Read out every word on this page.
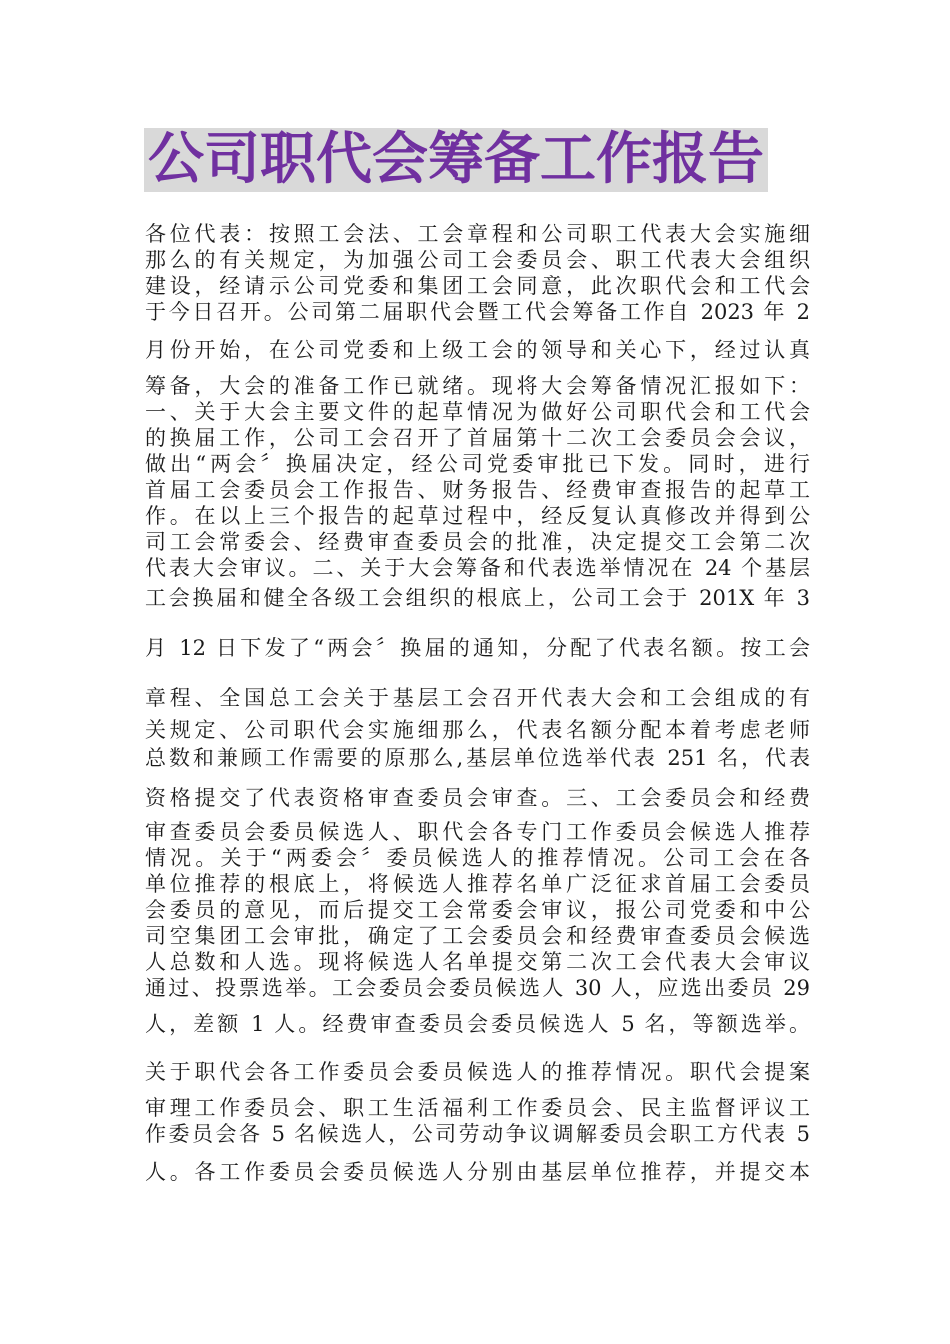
公司职代会筹备工作报告

各位代表：按照工会法、工会章程和公司职工代表大会实施细

那么的有关规定，为加强公司工会委员会、职工代表大会组织

建设，经请示公司党委和集团工会同意，此次职代会和工代会

于今日召开。公司第二届职代会暨工代会筹备工作自 2023 年 2

月份开始，在公司党委和上级工会的领导和关心下，经过认真

筹备，大会的准备工作已就绪。现将大会筹备情况汇报如下：

一、关于大会主要文件的起草情况为做好公司职代会和工代会

的换届工作，公司工会召开了首届第十二次工会委员会会议，

做出“两会〞换届决定，经公司党委审批已下发。同时，进行

首届工会委员会工作报告、财务报告、经费审查报告的起草工

作。在以上三个报告的起草过程中，经反复认真修改并得到公

司工会常委会、经费审查委员会的批准，决定提交工会第二次

代表大会审议。二、关于大会筹备和代表选举情况在 24 个基层

工会换届和健全各级工会组织的根底上，公司工会于 201X 年 3

月 12 日下发了“两会〞换届的通知，分配了代表名额。按工会

章程、全国总工会关于基层工会召开代表大会和工会组成的有

关规定、公司职代会实施细那么，代表名额分配本着考虑老师

总数和兼顾工作需要的原那么,基层单位选举代表 251 名，代表

资格提交了代表资格审查委员会审查。三、工会委员会和经费

审查委员会委员候选人、职代会各专门工作委员会候选人推荐

情况。关于“两委会〞委员候选人的推荐情况。公司工会在各

单位推荐的根底上，将候选人推荐名单广泛征求首届工会委员

会委员的意见，而后提交工会常委会审议，报公司党委和中公

司空集团工会审批，确定了工会委员会和经费审查委员会候选

人总数和人选。现将候选人名单提交第二次工会代表大会审议

通过、投票选举。工会委员会委员候选人 30 人，应选出委员 29

人，差额 1 人。经费审查委员会委员候选人 5 名，等额选举。

关于职代会各工作委员会委员候选人的推荐情况。职代会提案

审理工作委员会、职工生活福利工作委员会、民主监督评议工

作委员会各 5 名候选人，公司劳动争议调解委员会职工方代表 5

人。各工作委员会委员候选人分别由基层单位推荐，并提交本
